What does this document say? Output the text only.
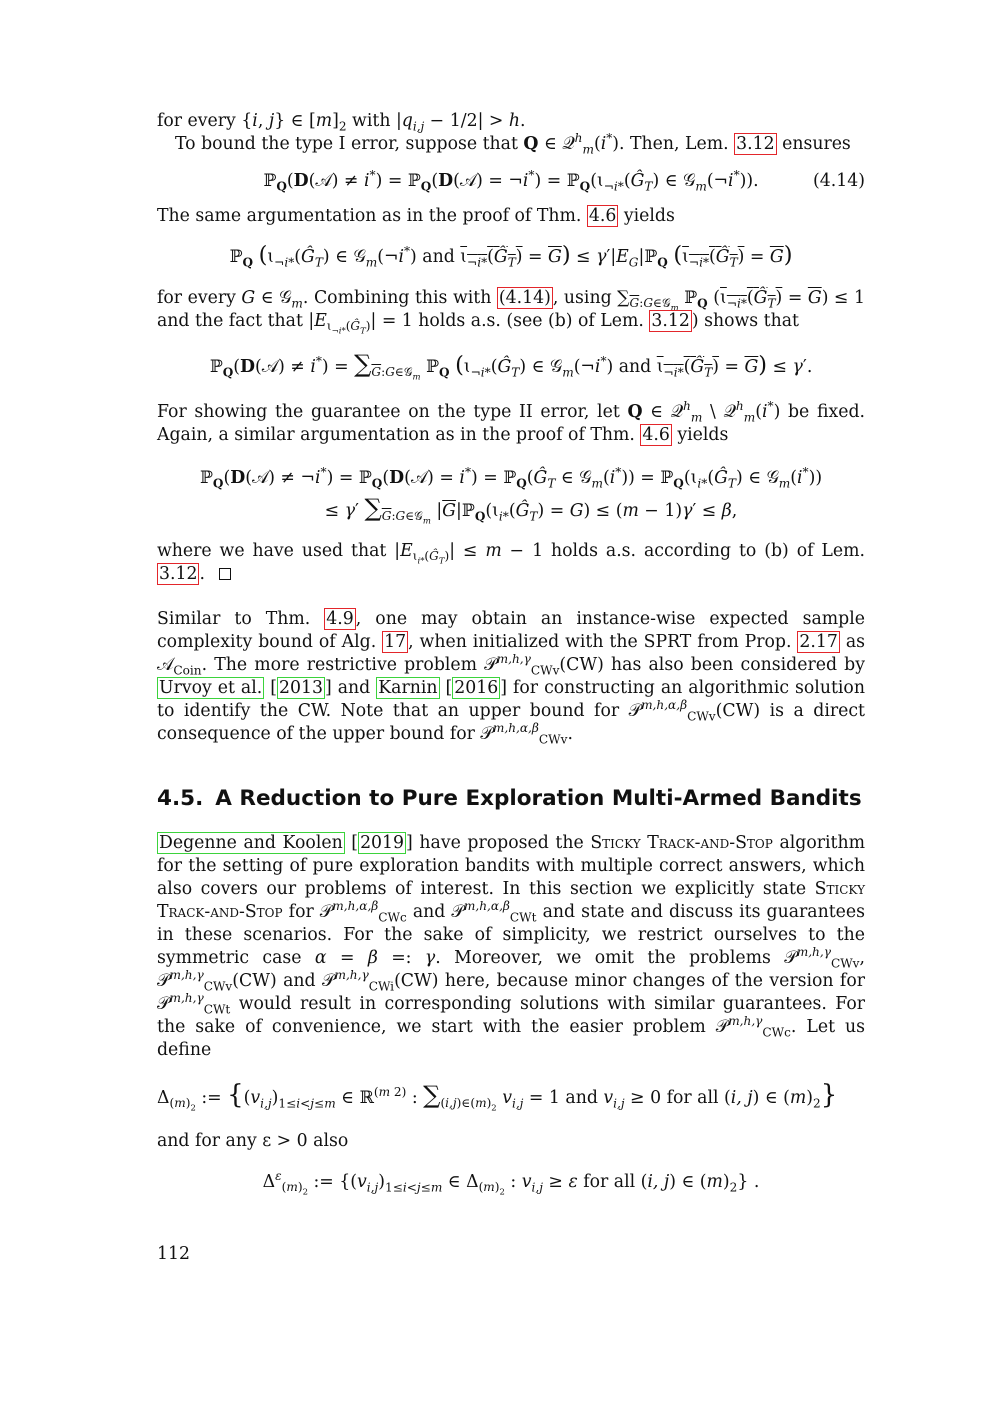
for every {i, j} ∈ $[m]_2$ with $|q_{i,j} - 1/2| > h$.

To bound the type I error, suppose that Q ∈ 𝒬$^h_m$(i*). Then, Lem. 3.12 ensures

ℙ$_Q$(D(𝒜) ≠ i*) = ℙ$_Q$(D(𝒜) = ¬i*) = $ℙ_Q(ɩ_{\neg i*}(Ĝ_T)$ ∈ 𝒢$_m$(¬i*)).	(4.14)

The same argumentation as in the proof of Thm. 4.6 yields

ℙ$_Q$ ($ɩ_{\neg i*}(Ĝ_T)$ ∈ 𝒢$_m$(¬i*) and $ɩ_{\neg i*}(Ĝ_T) = \overline{G}$) ≤ $\gamma'|E_G|ℙ_Q$ $(ɩ_{\neg i*}(Ĝ_T) = \overline{G})$

for every G ∈ 𝒢$_m$. Combining this with (4.14) , using $\sum_{\overline{G}:G\in 𝒢_m}$ ℙ$_Q$ $(ɩ_{\neg i*}(Ĝ_T) = \overline{G}) \le 1$ and the fact that $|E_{ɩ_{\neg i*}(Ĝ_T)}| = 1$ holds a.s. (see (b) of Lem. 3.12 ) shows that

ℙ$_Q$(D(𝒜) ≠ $i^*) = \sum_{\overline{G}:G\in 𝒢_m}$ ℙ$_Q$ ($ɩ_{\neg i*}(Ĝ_T)$ ∈ 𝒢$_m$(¬i*) and $ɩ_{\neg i*}(Ĝ_T) = \overline{G}) \le \gamma'$.

For showing the guarantee on the type II error, let Q ∈ 𝒬$^h_m$ \ 𝒬$^h_m$(i*) be fixed. Again, a similar argumentation as in the proof of Thm. 4.6 yields

ℙ$_Q$(D(𝒜) ≠ ¬i*) = ℙ$_Q$(D(𝒜) = $i^*) = ℙ_Q(Ĝ_T$ ∈ 𝒢$_m$(i*)) = $ℙ_Q(ɩ_{i*}(Ĝ_T)$ ∈ 𝒢$_m$(i*))
≤ γ′ $\sum_{\overline{G}:G\in 𝒢_m}$ $|\overline{G}|ℙ_Q(ɩ_{i*}(Ĝ_T) = G) \le (m - 1)\gamma' \le \beta$,

where we have used that $|E_{ɩ_{i*}(Ĝ_T)}| \le m - 1$ holds a.s. according to (b) of Lem. 3.12 .

Similar to Thm. 4.9 , one may obtain an instance-wise expected sample complexity bound of Alg. 17 , when initialized with the SPRT from Prop. 2.17 as 𝒜$_{Coin}$. The more restrictive problem 𝒫$^{m,h,\gamma}_{CWv}$(CW) has also been considered by Urvoy et al. [ 2013 ] and Karnin [ 2016 ] for constructing an algorithmic solution to identify the CW. Note that an upper bound for 𝒫$^{m,h,\alpha,\beta}_{CWv}$(CW) is a direct consequence of the upper bound for 𝒫$^{m,h,\alpha,\beta}_{CWv}$.

4.5. A Reduction to Pure Exploration Multi-Armed Bandits

Degenne and Koolen [ 2019 ] have proposed the Sticky Track-and-Stop algorithm for the setting of pure exploration bandits with multiple correct answers, which also covers our problems of interest. In this section we explicitly state Sticky Track-and-Stop for 𝒫$^{m,h,\alpha,\beta}_{CWc}$ and 𝒫$^{m,h,\alpha,\beta}_{CWt}$ and state and discuss its guarantees in these scenarios. For the sake of simplicity, we restrict ourselves to the symmetric case α = β =: γ. Moreover, we omit the problems 𝒫$^{m,h,\gamma}_{CWv}$, 𝒫$^{m,h,\gamma}_{CWv}$(CW) and 𝒫$^{m,h,\gamma}_{CWi}$(CW) here, because minor changes of the version for 𝒫$^{m,h,\gamma}_{CWt}$ would result in corresponding solutions with similar guarantees. For the sake of convenience, we start with the easier problem 𝒫$^{m,h,\gamma}_{CWc}$. Let us define

$\Delta_{(m)_2}$ := {$(v_{i,j})_{1\le i<j\le m}$ ∈ ℝ$^{(m 2)}$ : $\sum_{(i,j)\in(m)_2}$ $v_{i,j} = 1$ and $v_{i,j} \ge 0$ for all (i, j) ∈ $(m)_2$}

and for any ε > 0 also

$\Delta^\varepsilon_{(m)_2}$ := {$(v_{i,j})_{1\le i<j\le m}$ ∈ $\Delta_{(m)_2}$ : $v_{i,j} \ge \varepsilon$ for all (i, j) ∈ $(m)_2$} .
112
